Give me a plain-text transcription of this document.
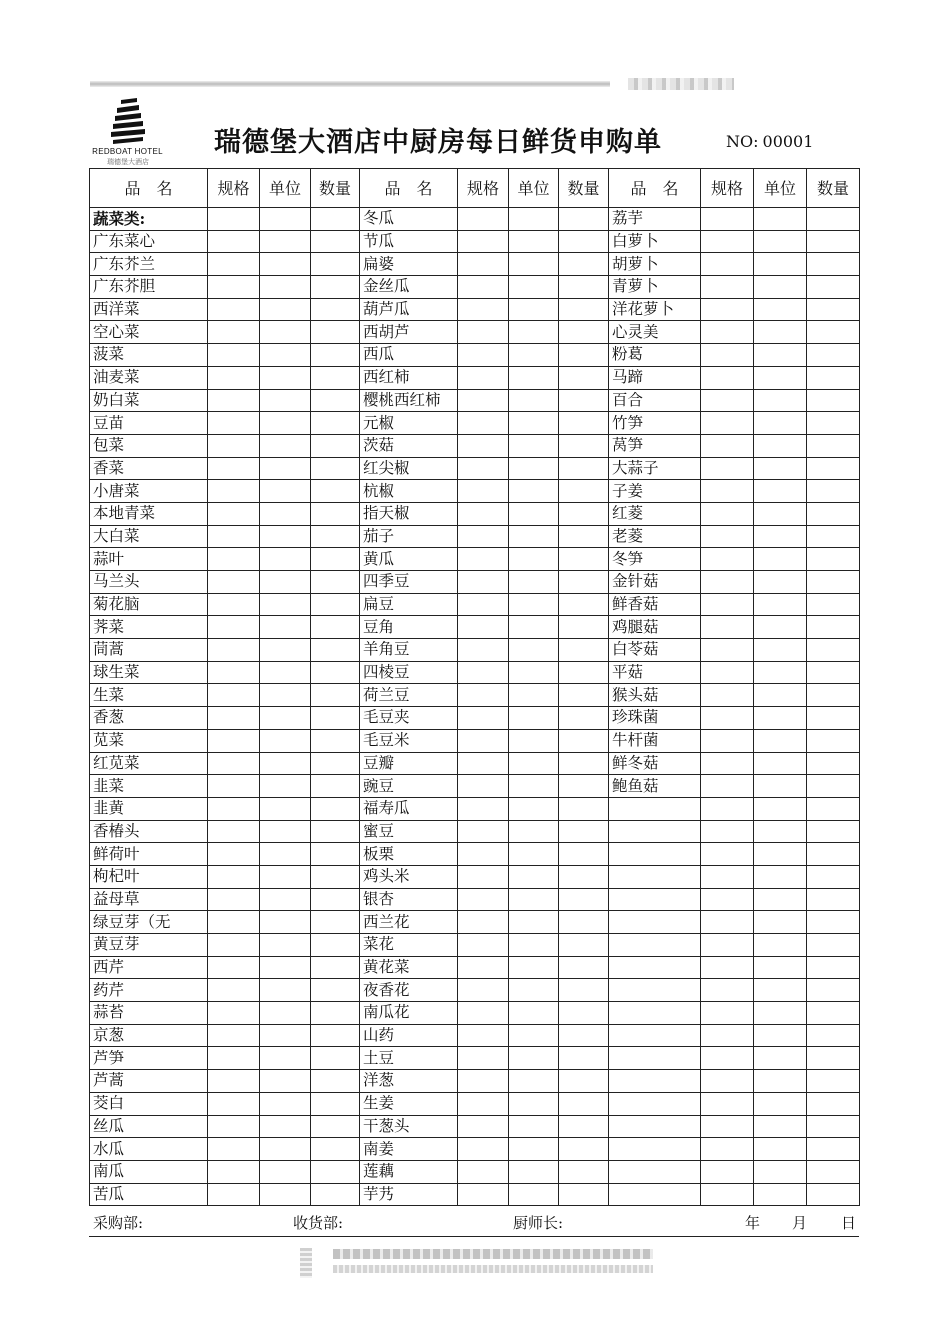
REDBOAT HOTEL
瑞德堡大酒店
瑞德堡大酒店中厨房每日鲜货申购单	NO: 00001
品　名	规格	单位	数量	品　名	规格	单位	数量	品　名	规格	单位	数量
蔬菜类:				冬瓜				荔芋			
广东菜心				节瓜				白萝卜			
广东芥兰				扁婆				胡萝卜			
广东芥胆				金丝瓜				青萝卜			
西洋菜				葫芦瓜				洋花萝卜			
空心菜				西胡芦				心灵美			
菠菜				西瓜				粉葛			
油麦菜				西红柿				马蹄			
奶白菜				樱桃西红柿				百合			
豆苗				元椒				竹笋			
包菜				茨菇				莴笋			
香菜				红尖椒				大蒜子			
小唐菜				杭椒				子姜			
本地青菜				指天椒				红菱			
大白菜				茄子				老菱			
蒜叶				黄瓜				冬笋			
马兰头				四季豆				金针菇			
菊花脑				扁豆				鲜香菇			
荠菜				豆角				鸡腿菇			
茼蒿				羊角豆				白苓菇			
球生菜				四棱豆				平菇			
生菜				荷兰豆				猴头菇			
香葱				毛豆夹				珍珠菌			
苋菜				毛豆米				牛杆菌			
红苋菜				豆瓣				鲜冬菇			
韭菜				豌豆				鲍鱼菇			
韭黄				福寿瓜							
香椿头				蜜豆							
鲜荷叶				板栗							
枸杞叶				鸡头米							
益母草				银杏							
绿豆芽（无				西兰花							
黄豆芽				菜花							
西芹				黄花菜							
药芹				夜香花							
蒜苔				南瓜花							
京葱				山药							
芦笋				土豆							
芦蒿				洋葱							
茭白				生姜							
丝瓜				干葱头							
水瓜				南姜							
南瓜				莲藕							
苦瓜				芋艿							
采购部:	收货部:	厨师长:	年 月 日
